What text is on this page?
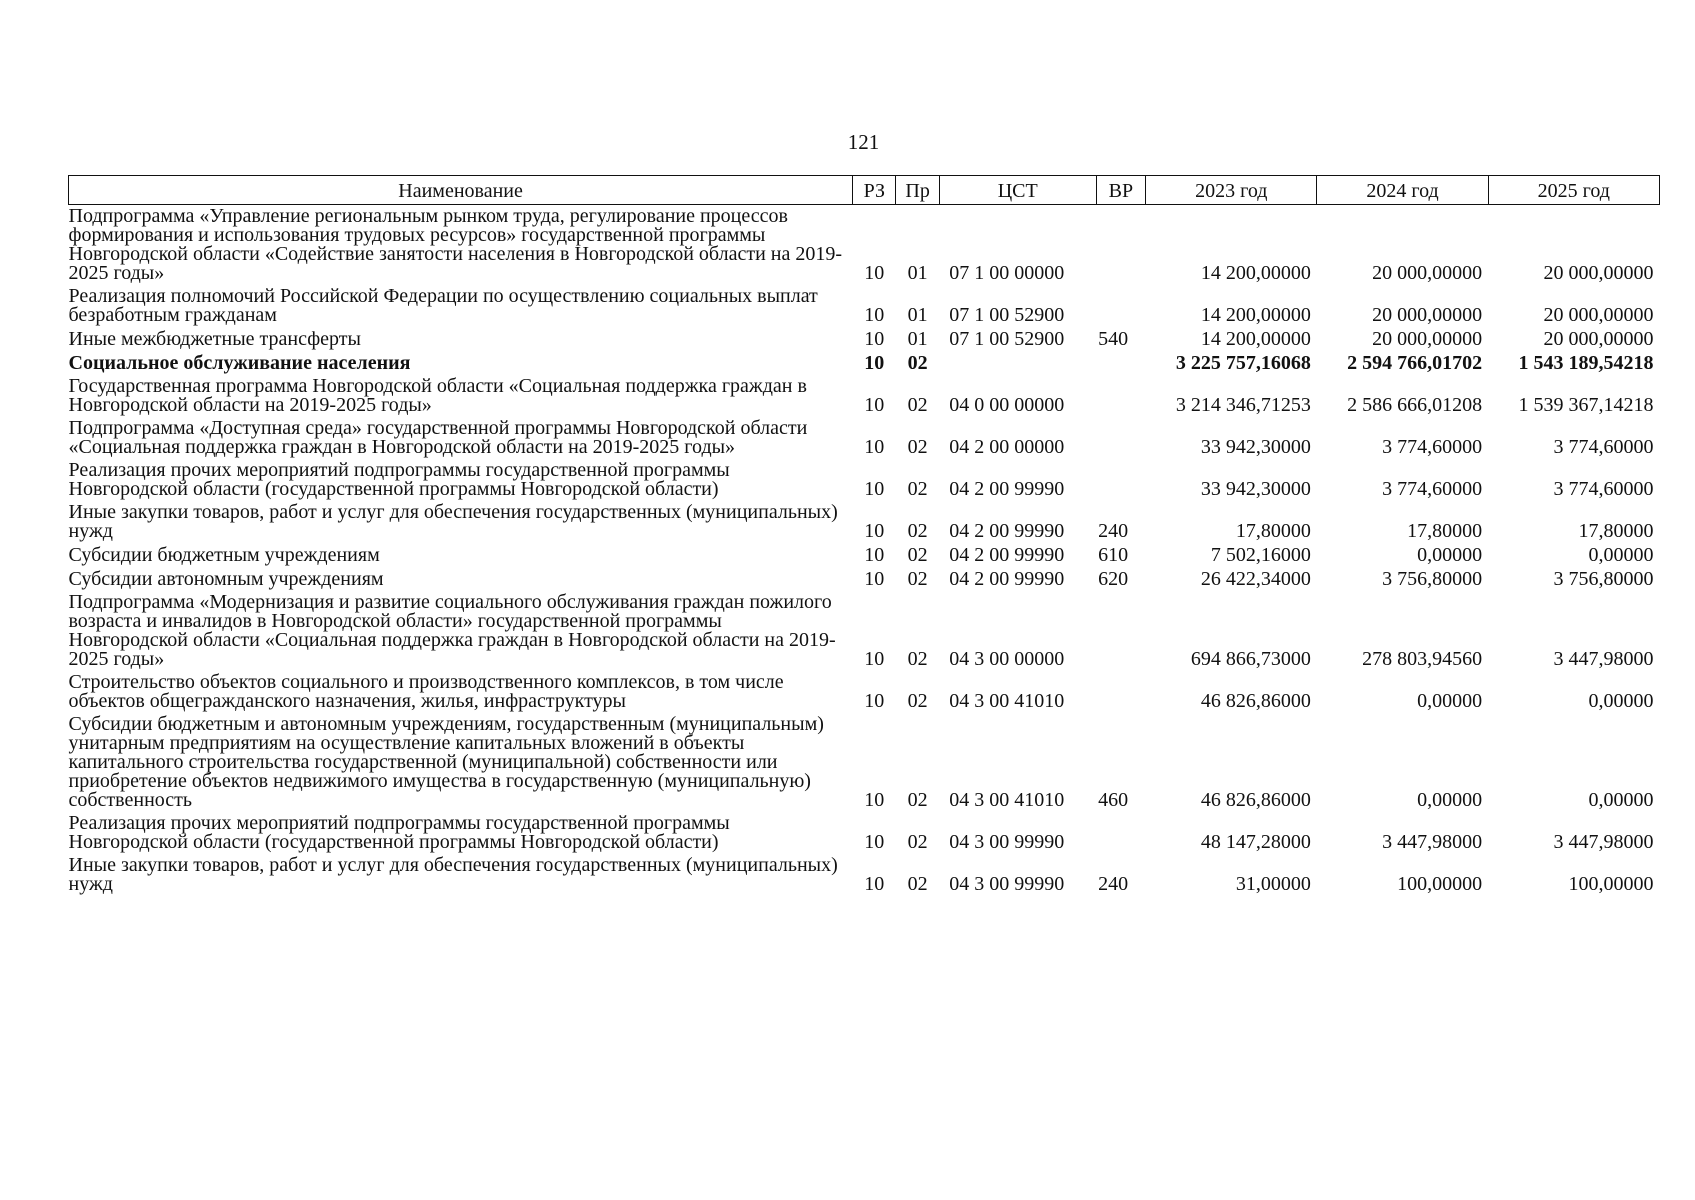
121
Наименование	РЗ	Пр	ЦСТ	ВР	2023 год	2024 год	2025 год
Подпрограмма «Управление региональным рынком труда, регулирование процессов формирования и использования трудовых ресурсов» государственной программы Новгородской области «Содействие занятости населения в Новгородской области на 2019-2025 годы»	10	01	07 1 00 00000		14 200,00000	20 000,00000	20 000,00000
Реализация полномочий Российской Федерации по осуществлению социальных выплат безработным гражданам	10	01	07 1 00 52900		14 200,00000	20 000,00000	20 000,00000
Иные межбюджетные трансферты	10	01	07 1 00 52900	540	14 200,00000	20 000,00000	20 000,00000
Социальное обслуживание населения	10	02			3 225 757,16068	2 594 766,01702	1 543 189,54218
Государственная программа Новгородской области «Социальная поддержка граждан в Новгородской области на 2019-2025 годы»	10	02	04 0 00 00000		3 214 346,71253	2 586 666,01208	1 539 367,14218
Подпрограмма «Доступная среда» государственной программы Новгородской области «Социальная поддержка граждан в Новгородской области на 2019-2025 годы»	10	02	04 2 00 00000		33 942,30000	3 774,60000	3 774,60000
Реализация прочих мероприятий подпрограммы государственной программы Новгородской области (государственной программы Новгородской области)	10	02	04 2 00 99990		33 942,30000	3 774,60000	3 774,60000
Иные закупки товаров, работ и услуг для обеспечения государственных (муниципальных) нужд	10	02	04 2 00 99990	240	17,80000	17,80000	17,80000
Субсидии бюджетным учреждениям	10	02	04 2 00 99990	610	7 502,16000	0,00000	0,00000
Субсидии автономным учреждениям	10	02	04 2 00 99990	620	26 422,34000	3 756,80000	3 756,80000
Подпрограмма «Модернизация и развитие социального обслуживания граждан пожилого возраста и инвалидов в Новгородской области» государственной программы Новгородской области «Социальная поддержка граждан в Новгородской области на 2019-2025 годы»	10	02	04 3 00 00000		694 866,73000	278 803,94560	3 447,98000
Строительство объектов социального и производственного комплексов, в том числе объектов общегражданского назначения, жилья, инфраструктуры	10	02	04 3 00 41010		46 826,86000	0,00000	0,00000
Субсидии бюджетным и автономным учреждениям, государственным (муниципальным) унитарным предприятиям на осуществление капитальных вложений в объекты капитального строительства государственной (муниципальной) собственности или приобретение объектов недвижимого имущества в государственную (муниципальную) собственность	10	02	04 3 00 41010	460	46 826,86000	0,00000	0,00000
Реализация прочих мероприятий подпрограммы государственной программы Новгородской области (государственной программы Новгородской области)	10	02	04 3 00 99990		48 147,28000	3 447,98000	3 447,98000
Иные закупки товаров, работ и услуг для обеспечения государственных (муниципальных) нужд	10	02	04 3 00 99990	240	31,00000	100,00000	100,00000
